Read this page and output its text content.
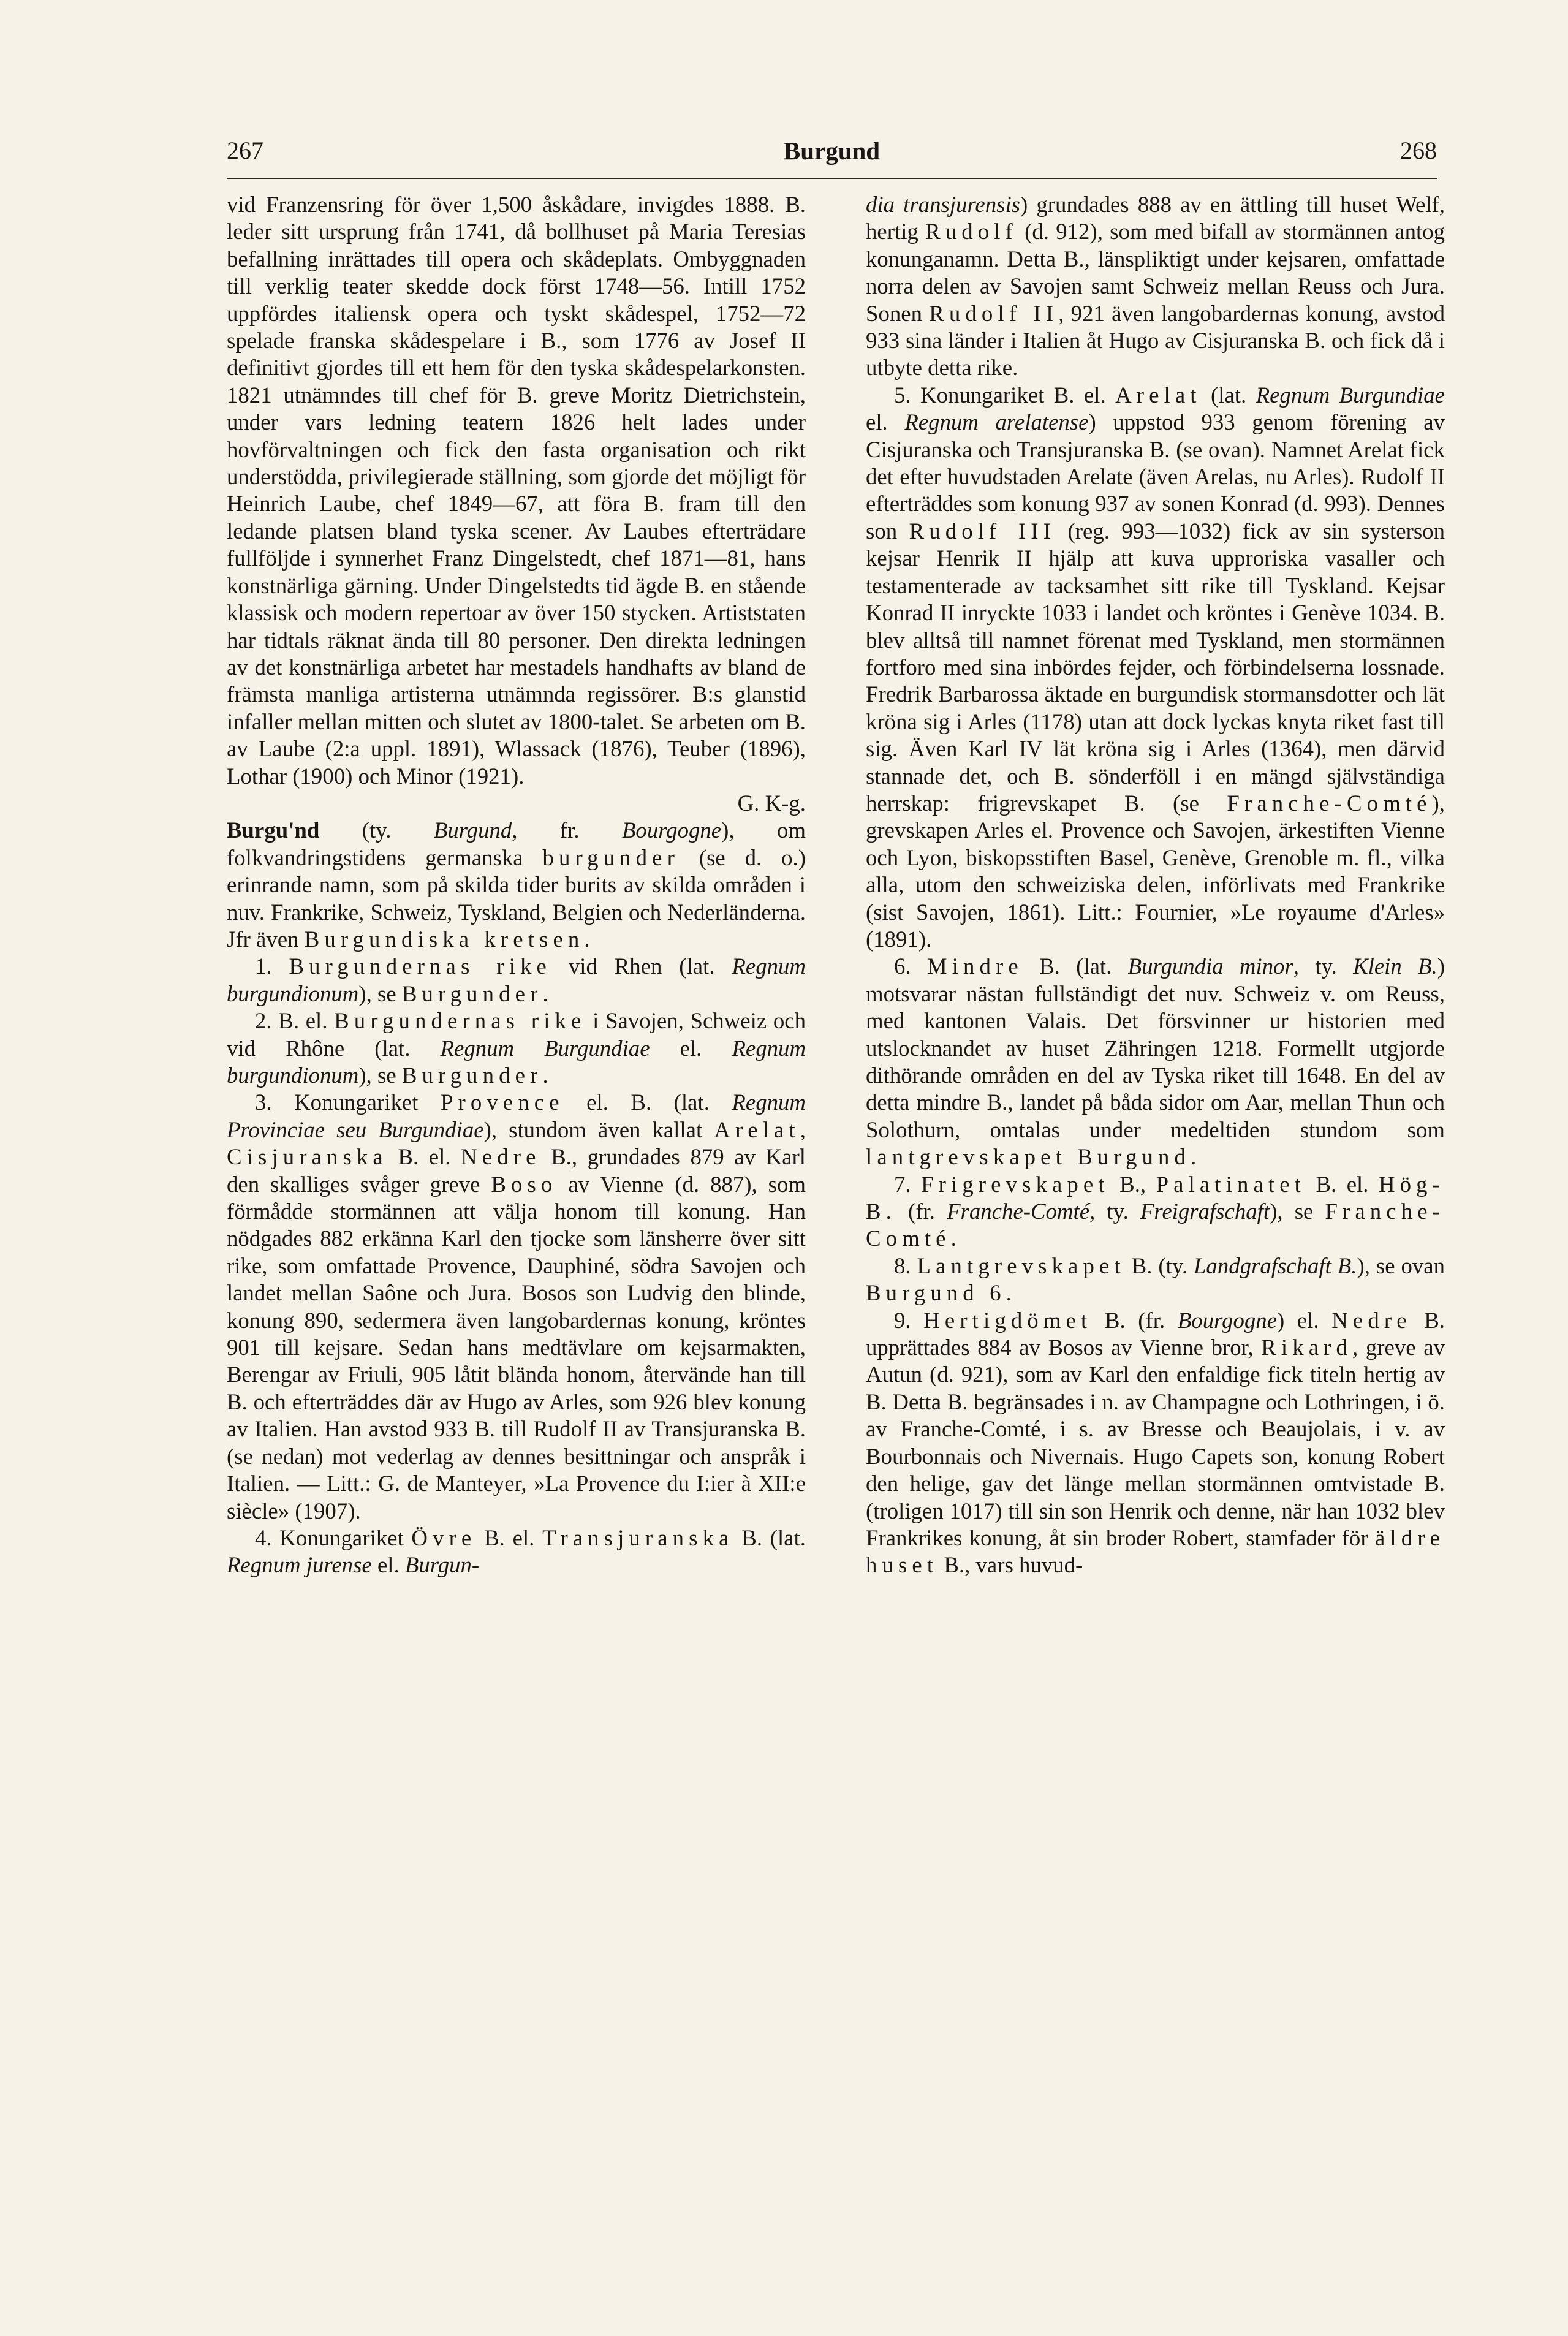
267	Burgund	268

vid Franzensring för över 1,500 åskådare, invigdes 1888. B. leder sitt ursprung från 1741, då bollhuset på Maria Teresias befallning inrättades till opera och skådeplats. Ombyggnaden till verklig teater skedde dock först 1748—56. Intill 1752 uppfördes italiensk opera och tyskt skådespel, 1752—72 spelade franska skådespelare i B., som 1776 av Josef II definitivt gjordes till ett hem för den tyska skådespelarkonsten. 1821 utnämndes till chef för B. greve Moritz Dietrichstein, under vars ledning teatern 1826 helt lades under hovförvaltningen och fick den fasta organisation och rikt understödda, privilegierade ställning, som gjorde det möjligt för Heinrich Laube, chef 1849—67, att föra B. fram till den ledande platsen bland tyska scener. Av Laubes efterträdare fullföljde i synnerhet Franz Dingelstedt, chef 1871—81, hans konstnärliga gärning. Under Dingelstedts tid ägde B. en stående klassisk och modern repertoar av över 150 stycken. Artiststaten har tidtals räknat ända till 80 personer. Den direkta ledningen av det konstnärliga arbetet har mestadels handhafts av bland de främsta manliga artisterna utnämnda regissörer. B:s glanstid infaller mellan mitten och slutet av 1800-talet. Se arbeten om B. av Laube (2:a uppl. 1891), Wlassack (1876), Teuber (1896), Lothar (1900) och Minor (1921).

G. K-g.

Burgu'nd (ty. Burgund, fr. Bourgogne), om folkvandringstidens germanska burgunder (se d. o.) erinrande namn, som på skilda tider burits av skilda områden i nuv. Frankrike, Schweiz, Tyskland, Belgien och Nederländerna. Jfr även Burgundiska kretsen.

1. Burgundernas rike vid Rhen (lat. Regnum burgundionum), se Burgunder.

2. B. el. Burgundernas rike i Savojen, Schweiz och vid Rhône (lat. Regnum Burgundiae el. Regnum burgundionum), se Burgunder.

3. Konungariket Provence el. B. (lat. Regnum Provinciae seu Burgundiae), stundom även kallat Arelat, Cisjuranska B. el. Nedre B., grundades 879 av Karl den skalliges svåger greve Boso av Vienne (d. 887), som förmådde stormännen att välja honom till konung. Han nödgades 882 erkänna Karl den tjocke som länsherre över sitt rike, som omfattade Provence, Dauphiné, södra Savojen och landet mellan Saône och Jura. Bosos son Ludvig den blinde, konung 890, sedermera även langobardernas konung, kröntes 901 till kejsare. Sedan hans medtävlare om kejsarmakten, Berengar av Friuli, 905 låtit blända honom, återvände han till B. och efterträddes där av Hugo av Arles, som 926 blev konung av Italien. Han avstod 933 B. till Rudolf II av Transjuranska B. (se nedan) mot vederlag av dennes besittningar och anspråk i Italien. — Litt.: G. de Manteyer, »La Provence du I:ier à XII:e siècle» (1907).

4. Konungariket Övre B. el. Transjuranska B. (lat. Regnum jurense el. Burgun-

dia transjurensis) grundades 888 av en ättling till huset Welf, hertig Rudolf (d. 912), som med bifall av stormännen antog konunganamn. Detta B., länspliktigt under kejsaren, omfattade norra delen av Savojen samt Schweiz mellan Reuss och Jura. Sonen Rudolf II, 921 även langobardernas konung, avstod 933 sina länder i Italien åt Hugo av Cisjuranska B. och fick då i utbyte detta rike.

5. Konungariket B. el. Arelat (lat. Regnum Burgundiae el. Regnum arelatense) uppstod 933 genom förening av Cisjuranska och Transjuranska B. (se ovan). Namnet Arelat fick det efter huvudstaden Arelate (även Arelas, nu Arles). Rudolf II efterträddes som konung 937 av sonen Konrad (d. 993). Dennes son Rudolf III (reg. 993—1032) fick av sin systerson kejsar Henrik II hjälp att kuva upproriska vasaller och testamenterade av tacksamhet sitt rike till Tyskland. Kejsar Konrad II inryckte 1033 i landet och kröntes i Genève 1034. B. blev alltså till namnet förenat med Tyskland, men stormännen fortforo med sina inbördes fejder, och förbindelserna lossnade. Fredrik Barbarossa äktade en burgundisk stormansdotter och lät kröna sig i Arles (1178) utan att dock lyckas knyta riket fast till sig. Även Karl IV lät kröna sig i Arles (1364), men därvid stannade det, och B. sönderföll i en mängd självständiga herrskap: frigrevskapet B. (se Franche-Comté), grevskapen Arles el. Provence och Savojen, ärkestiften Vienne och Lyon, biskopsstiften Basel, Genève, Grenoble m. fl., vilka alla, utom den schweiziska delen, införlivats med Frankrike (sist Savojen, 1861). Litt.: Fournier, »Le royaume d'Arles» (1891).

6. Mindre B. (lat. Burgundia minor, ty. Klein B.) motsvarar nästan fullständigt det nuv. Schweiz v. om Reuss, med kantonen Valais. Det försvinner ur historien med utslocknandet av huset Zähringen 1218. Formellt utgjorde dithörande områden en del av Tyska riket till 1648. En del av detta mindre B., landet på båda sidor om Aar, mellan Thun och Solothurn, omtalas under medeltiden stundom som lantgrevskapet Burgund.

7. Frigrevskapet B., Palatinatet B. el. Hög-B. (fr. Franche-Comté, ty. Freigrafschaft), se Franche-Comté.

8. Lantgrevskapet B. (ty. Landgrafschaft B.), se ovan Burgund 6.

9. Hertigdömet B. (fr. Bourgogne) el. Nedre B. upprättades 884 av Bosos av Vienne bror, Rikard, greve av Autun (d. 921), som av Karl den enfaldige fick titeln hertig av B. Detta B. begränsades i n. av Champagne och Lothringen, i ö. av Franche-Comté, i s. av Bresse och Beaujolais, i v. av Bourbonnais och Nivernais. Hugo Capets son, konung Robert den helige, gav det länge mellan stormännen omtvistade B. (troligen 1017) till sin son Henrik och denne, när han 1032 blev Frankrikes konung, åt sin broder Robert, stamfader för äldre huset B., vars huvud-
